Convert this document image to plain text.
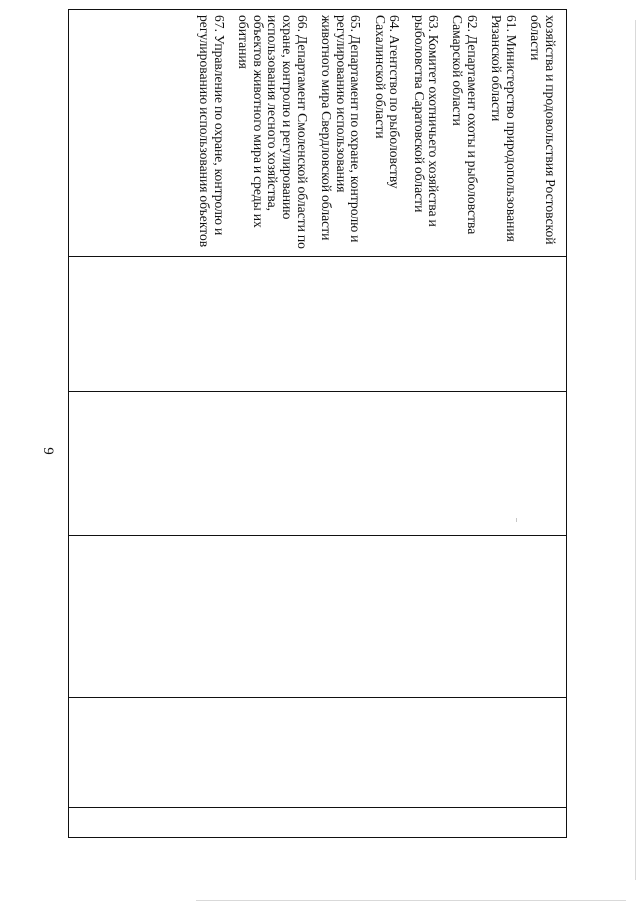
9

хозяйства и продовольствия Ростовской области

61. Министерство природопользования Рязанской области

62. Департамент охоты и рыболовства Самарской области

63. Комитет охотничьего хозяйства и рыболовства Саратовской области

64. Агентство по рыболовству Сахалинской области

65. Департамент по охране, контролю и регулированию использования животного мира Свердловской области

66. Департамент Смоленской области по охране, контролю и регулированию использования лесного хозяйства, объектов животного мира и среды их обитания

67. Управление по охране, контролю и регулированию использования объектов
